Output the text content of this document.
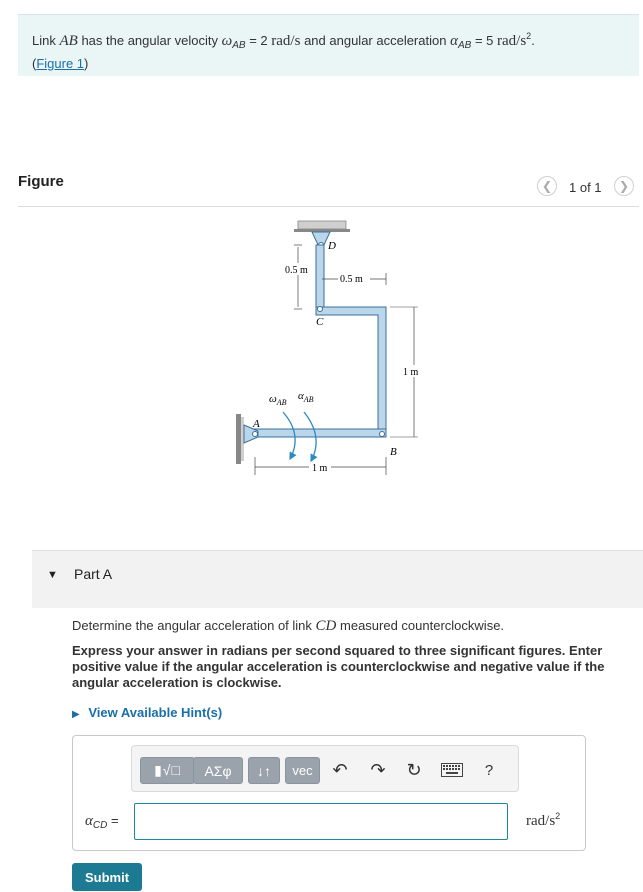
Link AB has the angular velocity $\omega_{AB} = 2$ rad/s and angular acceleration $\alpha_{AB} = 5$ rad/$s^2$.
(Figure 1)
Figure	❮ 1 of 1 ❯
D
C
B
A
0.5 m
0.5 m
1 m
1 m
$\omega_{AB}$
$\alpha_{AB}$
▼ Part A
Determine the angular acceleration of link CD measured counterclockwise.
Express your answer in radians per second squared to three significant figures. Enter positive value if the angular acceleration is counterclockwise and negative value if the angular acceleration is clockwise.
▶ View Available Hint(s)
▮√□	ΑΣφ	↓↑	vec	↶ ↷ ↻	?
$\alpha_{CD}$ =	rad/$s^2$
Submit
